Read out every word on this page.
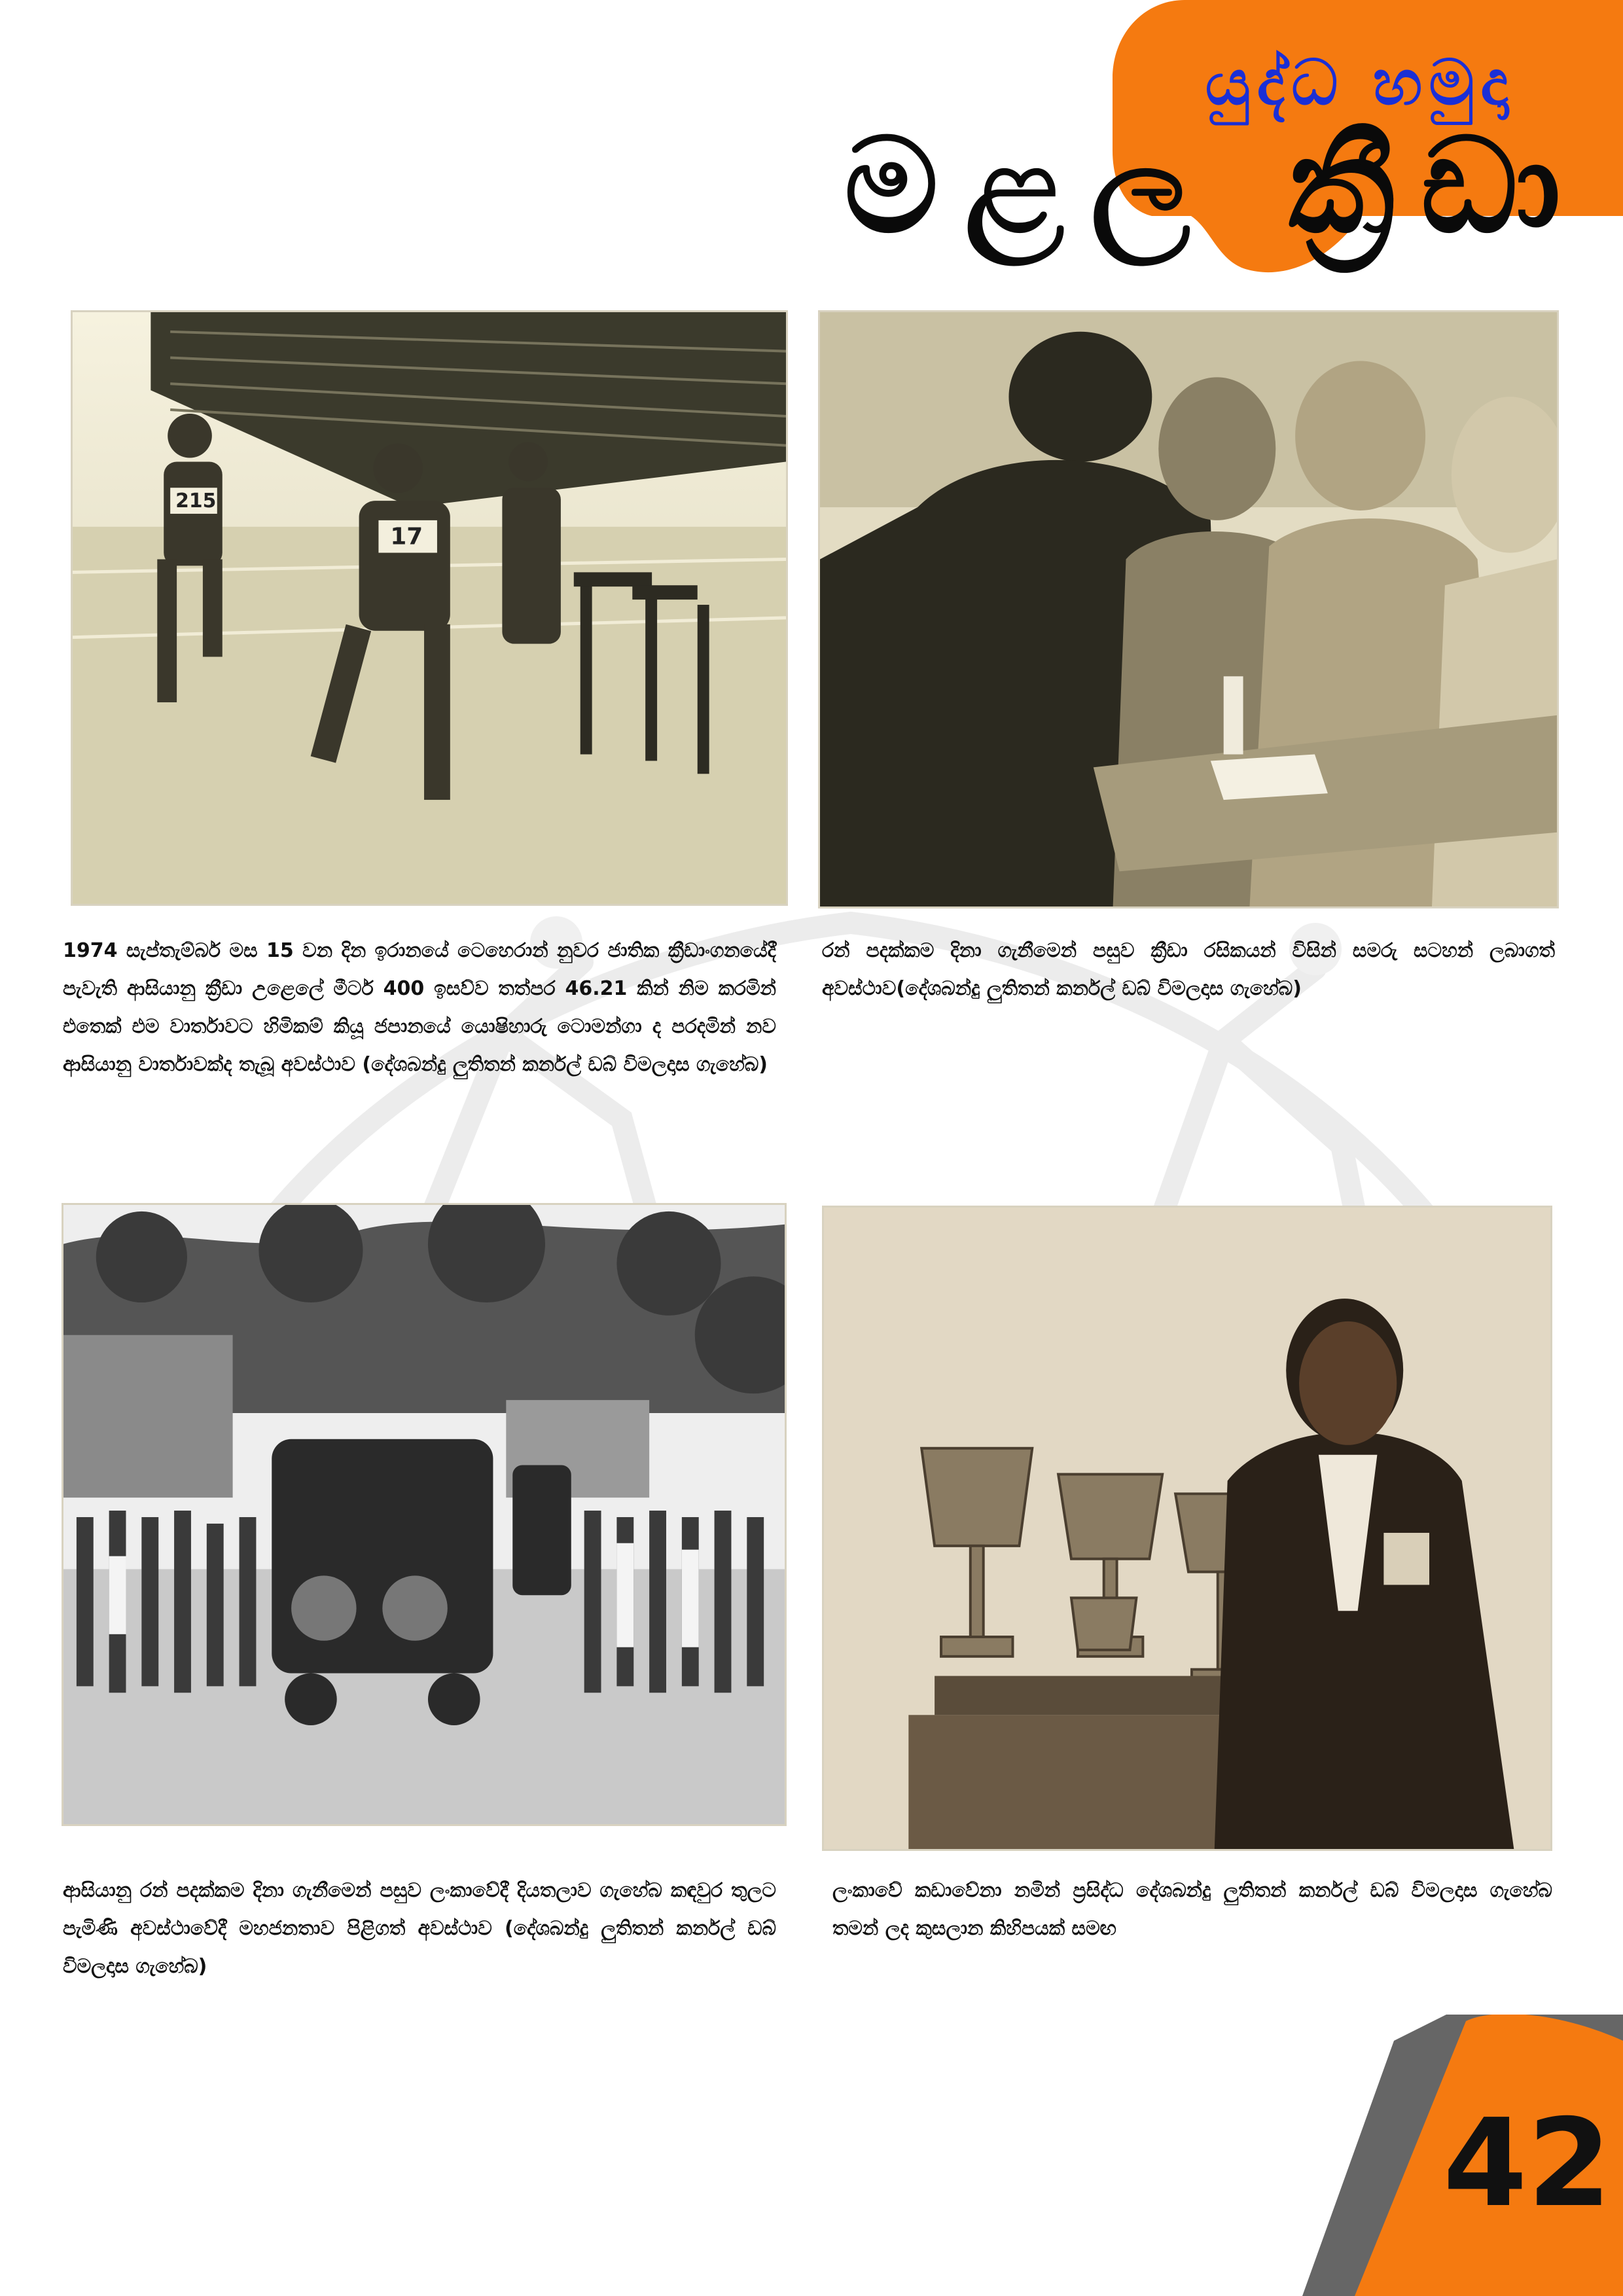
යුද්ධ හමුදා
මළල ක්‍රීඩා
215
17
1974 සැප්තැම්බර් මස 15 වන දින ඉරානයේ ටෙහෙරාන් නුවර ජාතික ක්‍රීඩාංගනයේදී පැවැති ආසියානු ක්‍රීඩා උළෙලේ මීටර් 400 ඉසව්ව තත්පර 46.21 කින් නිම කරමින් එතෙක් එම වාර්තාවට හිමිකම් කියූ ජපානයේ යොෂිහාරු ටොමන්ගා ද පරදමින් නව ආසියානු වාර්තාවක්ද තැබූ අවස්ථාව (දේශබන්දු ලුතිතන් කර්නල් ඩබ් විමලදාස ගැහේබ)
රන් පදක්කම දිනා ගැනීමෙන් පසුව ක්‍රීඩා රසිකයන් විසින් සමරු සටහන් ලබාගත් අවස්ථාව(දේශබන්දු ලුතිතන් කර්නල් ඩබ් විමලදාස ගැහේබ)
ආසියානු රන් පදක්කම දිනා ගැනීමෙන් පසුව ලංකාවේදී දියතලාව ගැහේබ කඳවුර තුලට පැමිණි අවස්ථාවේදී මහජනතාව පිළිගත් අවස්ථාව (දේශබන්දු ලුතිතන් කර්නල් ඩබ් විමලදාස ගැහේබ)
ලංකාවේ කඩාවේනා නමින් ප්‍රසිද්ධ දේශබන්දු ලුතිතන් කර්නල් ඩබ් විමලදාස ගැහේබ තමන් ලද කුසලාන කිහිපයක් සමඟ
42
